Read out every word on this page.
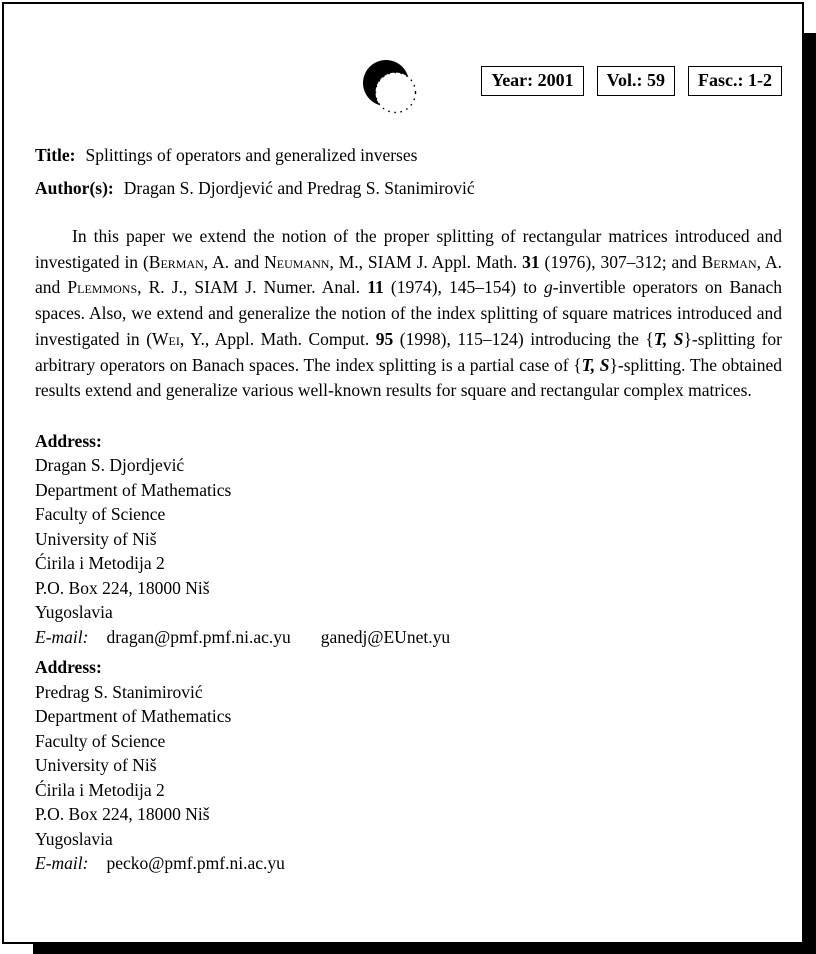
Year: 2001	Vol.: 59	Fasc.: 1-2

Title: Splittings of operators and generalized inverses

Author(s): Dragan S. Djordjević and Predrag S. Stanimirović

In this paper we extend the notion of the proper splitting of rectangular matrices introduced and investigated in (Berman, A. and Neumann, M., SIAM J. Appl. Math. 31 (1976), 307–312; and Berman, A. and Plemmons, R. J., SIAM J. Numer. Anal. 11 (1974), 145–154) to g-invertible operators on Banach spaces. Also, we extend and generalize the notion of the index splitting of square matrices introduced and investigated in (Wei, Y., Appl. Math. Comput. 95 (1998), 115–124) introducing the {T, S}-splitting for arbitrary operators on Banach spaces. The index splitting is a partial case of {T, S}-splitting. The obtained results extend and generalize various well-known results for square and rectangular complex matrices.

Address:

Dragan S. Djordjević

Department of Mathematics

Faculty of Science

University of Niš

Ćirila i Metodija 2

P.O. Box 224, 18000 Niš

Yugoslavia

E-mail: dragan@pmf.pmf.ni.ac.yu ganedj@EUnet.yu

Address:

Predrag S. Stanimirović

Department of Mathematics

Faculty of Science

University of Niš

Ćirila i Metodija 2

P.O. Box 224, 18000 Niš

Yugoslavia

E-mail: pecko@pmf.pmf.ni.ac.yu
